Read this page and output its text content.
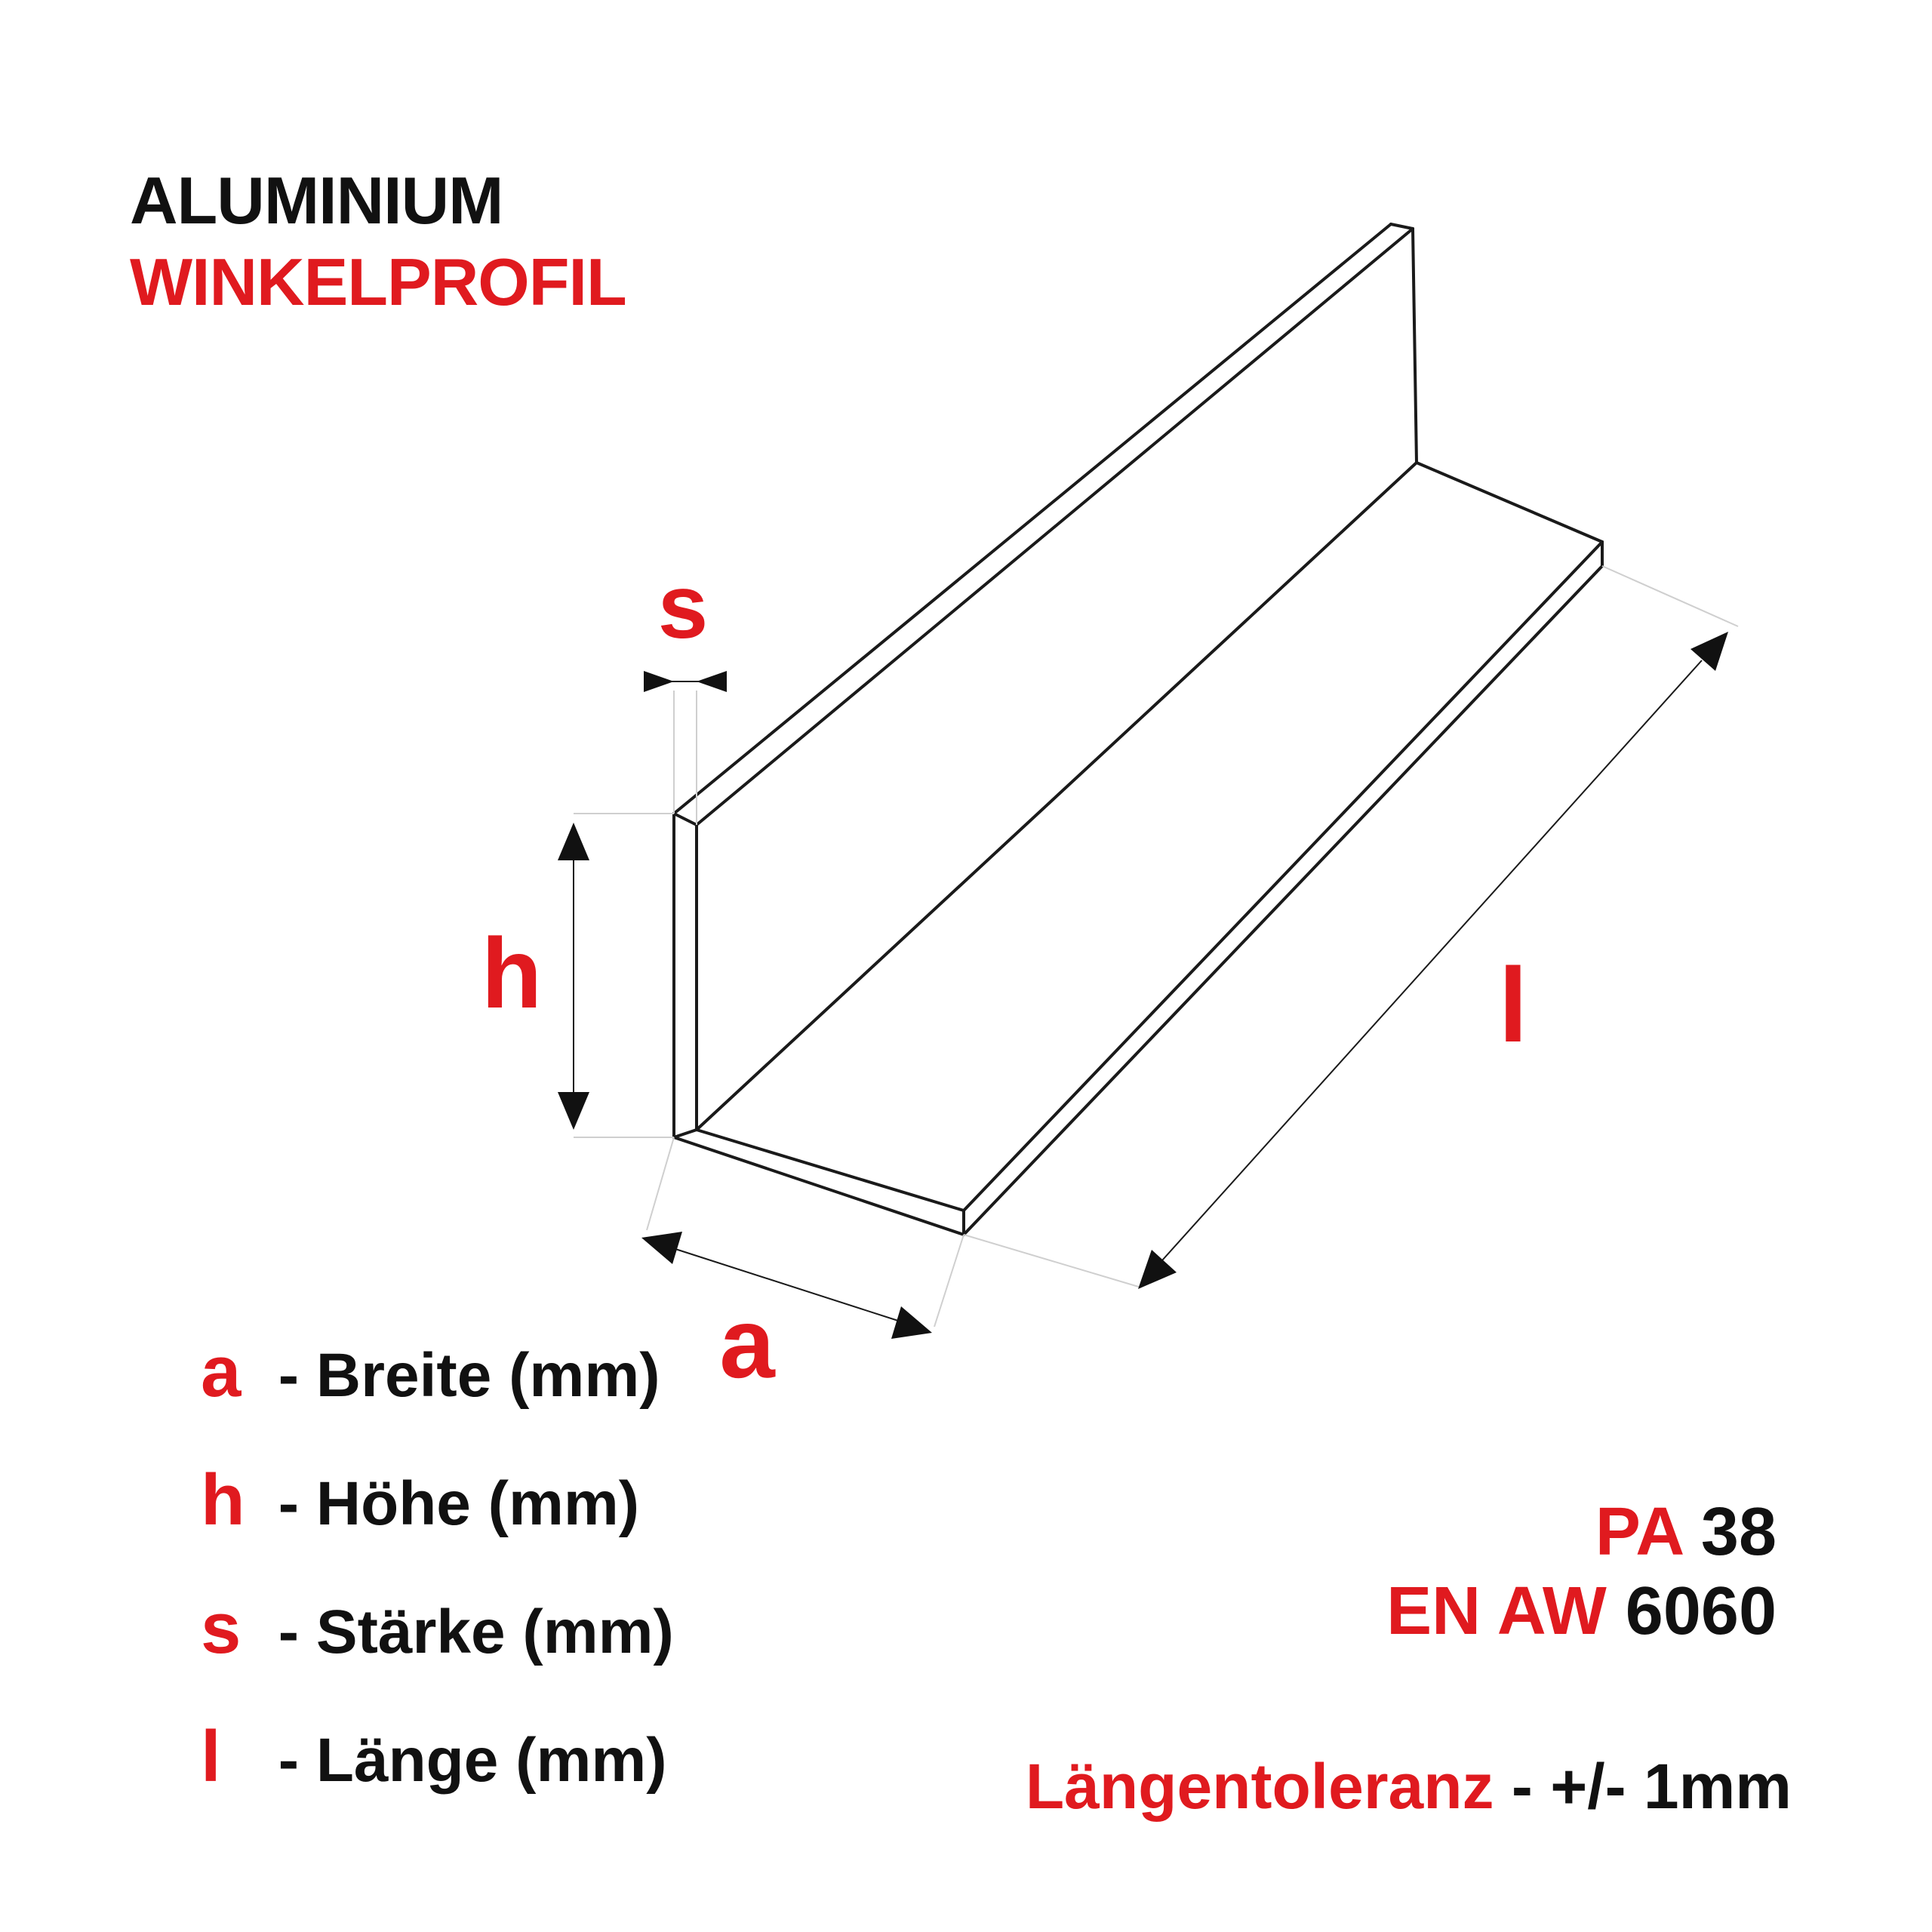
ALUMINIUM
WINKELPROFIL
s
h
a
l
a - Breite (mm)
h - Höhe (mm)
s - Stärke (mm)
l - Länge (mm)
PA 38
EN AW 6060
Längentoleranz - +/- 1mm
